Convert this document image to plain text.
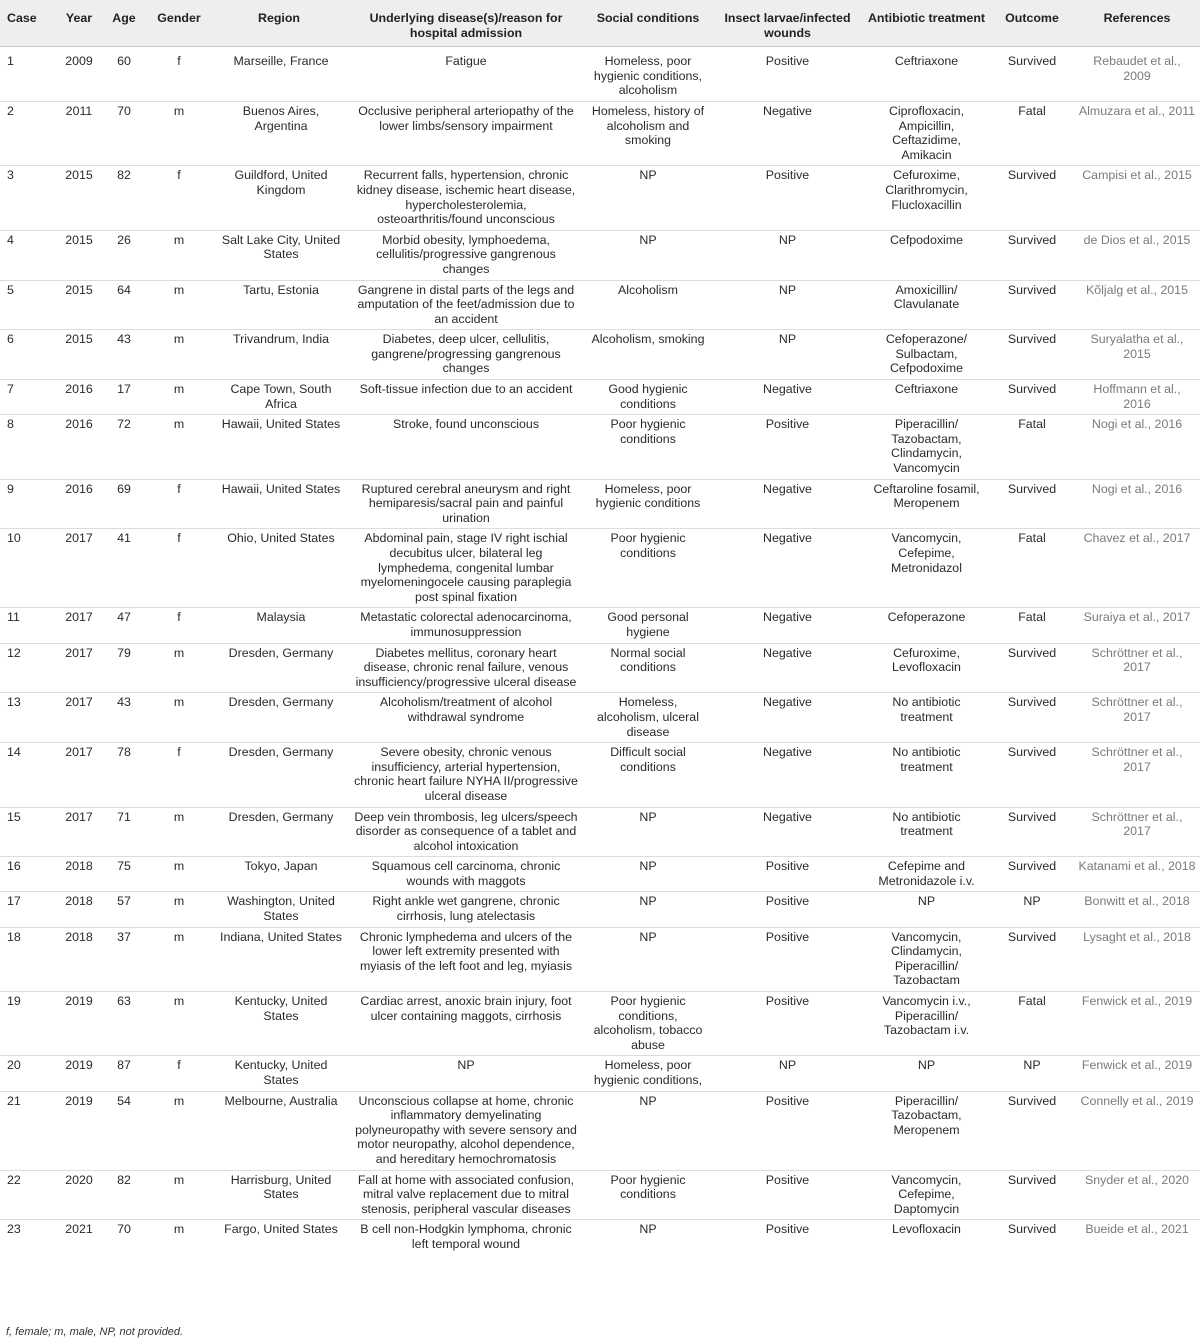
Case	Year	Age	Gender	Region	Underlying disease(s)/reason for hospital admission	Social conditions	Insect larvae/infected wounds	Antibiotic treatment	Outcome	References
1	2009	60	f	Marseille, France	Fatigue	Homeless, poor hygienic conditions, alcoholism	Positive	Ceftriaxone	Survived	Rebaudet et al., 2009
2	2011	70	m	Buenos Aires, Argentina	Occlusive peripheral arteriopathy of the lower limbs/sensory impairment	Homeless, history of alcoholism and smoking	Negative	Ciprofloxacin, Ampicillin, Ceftazidime, Amikacin	Fatal	Almuzara et al., 2011
3	2015	82	f	Guildford, United Kingdom	Recurrent falls, hypertension, chronic kidney disease, ischemic heart disease, hypercholesterolemia, osteoarthritis/found unconscious	NP	Positive	Cefuroxime, Clarithromycin, Flucloxacillin	Survived	Campisi et al., 2015
4	2015	26	m	Salt Lake City, United States	Morbid obesity, lymphoedema, cellulitis/progressive gangrenous changes	NP	NP	Cefpodoxime	Survived	de Dios et al., 2015
5	2015	64	m	Tartu, Estonia	Gangrene in distal parts of the legs and amputation of the feet/admission due to an accident	Alcoholism	NP	Amoxicillin/ Clavulanate	Survived	Kõljalg et al., 2015
6	2015	43	m	Trivandrum, India	Diabetes, deep ulcer, cellulitis, gangrene/progressing gangrenous changes	Alcoholism, smoking	NP	Cefoperazone/ Sulbactam, Cefpodoxime	Survived	Suryalatha et al., 2015
7	2016	17	m	Cape Town, South Africa	Soft-tissue infection due to an accident	Good hygienic conditions	Negative	Ceftriaxone	Survived	Hoffmann et al., 2016
8	2016	72	m	Hawaii, United States	Stroke, found unconscious	Poor hygienic conditions	Positive	Piperacillin/ Tazobactam, Clindamycin, Vancomycin	Fatal	Nogi et al., 2016
9	2016	69	f	Hawaii, United States	Ruptured cerebral aneurysm and right hemiparesis/sacral pain and painful urination	Homeless, poor hygienic conditions	Negative	Ceftaroline fosamil, Meropenem	Survived	Nogi et al., 2016
10	2017	41	f	Ohio, United States	Abdominal pain, stage IV right ischial decubitus ulcer, bilateral leg lymphedema, congenital lumbar myelomeningocele causing paraplegia post spinal fixation	Poor hygienic conditions	Negative	Vancomycin, Cefepime, Metronidazol	Fatal	Chavez et al., 2017
11	2017	47	f	Malaysia	Metastatic colorectal adenocarcinoma, immunosuppression	Good personal hygiene	Negative	Cefoperazone	Fatal	Suraiya et al., 2017
12	2017	79	m	Dresden, Germany	Diabetes mellitus, coronary heart disease, chronic renal failure, venous insufficiency/progressive ulceral disease	Normal social conditions	Negative	Cefuroxime, Levofloxacin	Survived	Schröttner et al., 2017
13	2017	43	m	Dresden, Germany	Alcoholism/treatment of alcohol withdrawal syndrome	Homeless, alcoholism, ulceral disease	Negative	No antibiotic treatment	Survived	Schröttner et al., 2017
14	2017	78	f	Dresden, Germany	Severe obesity, chronic venous insufficiency, arterial hypertension, chronic heart failure NYHA II/progressive ulceral disease	Difficult social conditions	Negative	No antibiotic treatment	Survived	Schröttner et al., 2017
15	2017	71	m	Dresden, Germany	Deep vein thrombosis, leg ulcers/speech disorder as consequence of a tablet and alcohol intoxication	NP	Negative	No antibiotic treatment	Survived	Schröttner et al., 2017
16	2018	75	m	Tokyo, Japan	Squamous cell carcinoma, chronic wounds with maggots	NP	Positive	Cefepime and Metronidazole i.v.	Survived	Katanami et al., 2018
17	2018	57	m	Washington, United States	Right ankle wet gangrene, chronic cirrhosis, lung atelectasis	NP	Positive	NP	NP	Bonwitt et al., 2018
18	2018	37	m	Indiana, United States	Chronic lymphedema and ulcers of the lower left extremity presented with myiasis of the left foot and leg, myiasis	NP	Positive	Vancomycin, Clindamycin, Piperacillin/ Tazobactam	Survived	Lysaght et al., 2018
19	2019	63	m	Kentucky, United States	Cardiac arrest, anoxic brain injury, foot ulcer containing maggots, cirrhosis	Poor hygienic conditions, alcoholism, tobacco abuse	Positive	Vancomycin i.v., Piperacillin/ Tazobactam i.v.	Fatal	Fenwick et al., 2019
20	2019	87	f	Kentucky, United States	NP	Homeless, poor hygienic conditions,	NP	NP	NP	Fenwick et al., 2019
21	2019	54	m	Melbourne, Australia	Unconscious collapse at home, chronic inflammatory demyelinating polyneuropathy with severe sensory and motor neuropathy, alcohol dependence, and hereditary hemochromatosis	NP	Positive	Piperacillin/ Tazobactam, Meropenem	Survived	Connelly et al., 2019
22	2020	82	m	Harrisburg, United States	Fall at home with associated confusion, mitral valve replacement due to mitral stenosis, peripheral vascular diseases	Poor hygienic conditions	Positive	Vancomycin, Cefepime, Daptomycin	Survived	Snyder et al., 2020
23	2021	70	m	Fargo, United States	B cell non-Hodgkin lymphoma, chronic left temporal wound	NP	Positive	Levofloxacin	Survived	Bueide et al., 2021
f, female; m, male, NP, not provided.
